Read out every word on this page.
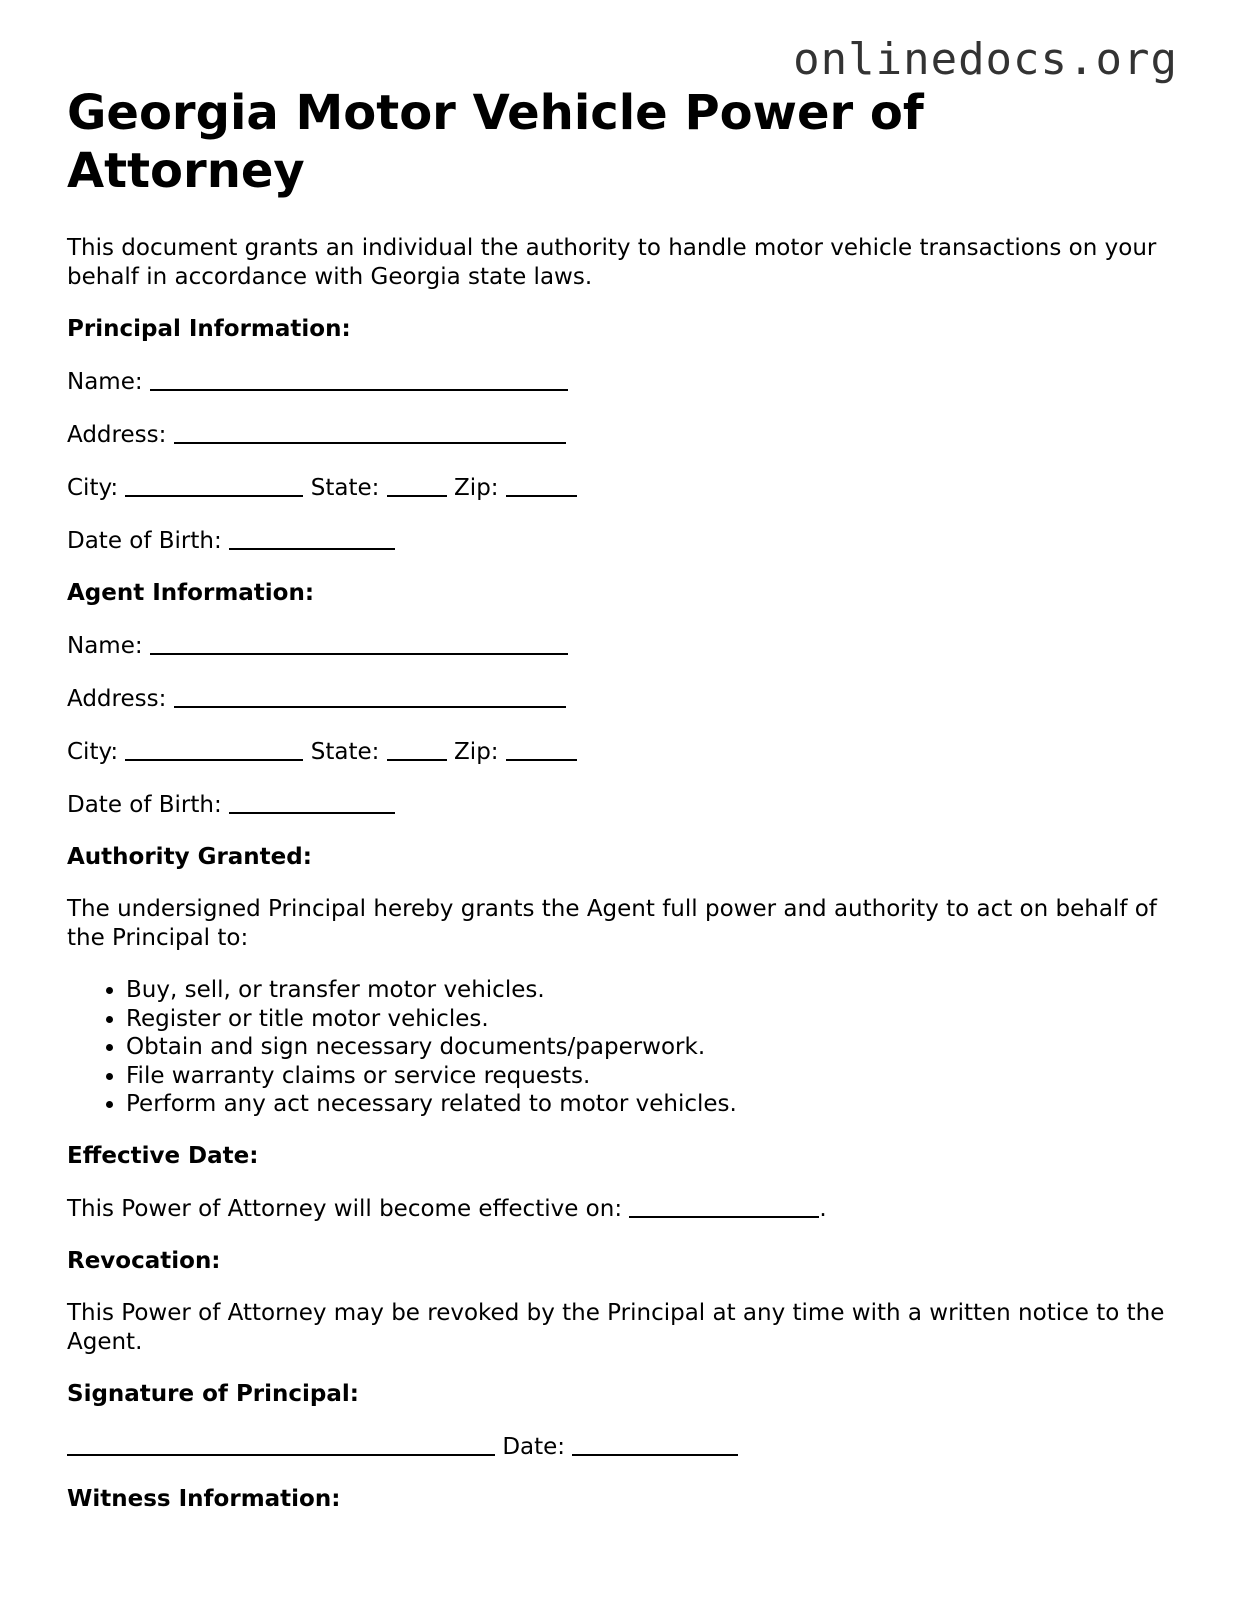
onlinedocs.org
Georgia Motor Vehicle Power of Attorney
This document grants an individual the authority to handle motor vehicle transactions on your behalf in accordance with Georgia state laws.
Principal Information:
Name:
Address:
City:	State:	Zip:
Date of Birth:
Agent Information:
Name:
Address:
City:	State:	Zip:
Date of Birth:
Authority Granted:
The undersigned Principal hereby grants the Agent full power and authority to act on behalf of the Principal to:
• Buy, sell, or transfer motor vehicles.
• Register or title motor vehicles.
• Obtain and sign necessary documents/paperwork.
• File warranty claims or service requests.
• Perform any act necessary related to motor vehicles.
Effective Date:
This Power of Attorney will become effective on:	.
Revocation:
This Power of Attorney may be revoked by the Principal at any time with a written notice to the Agent.
Signature of Principal:
Date:
Witness Information:
